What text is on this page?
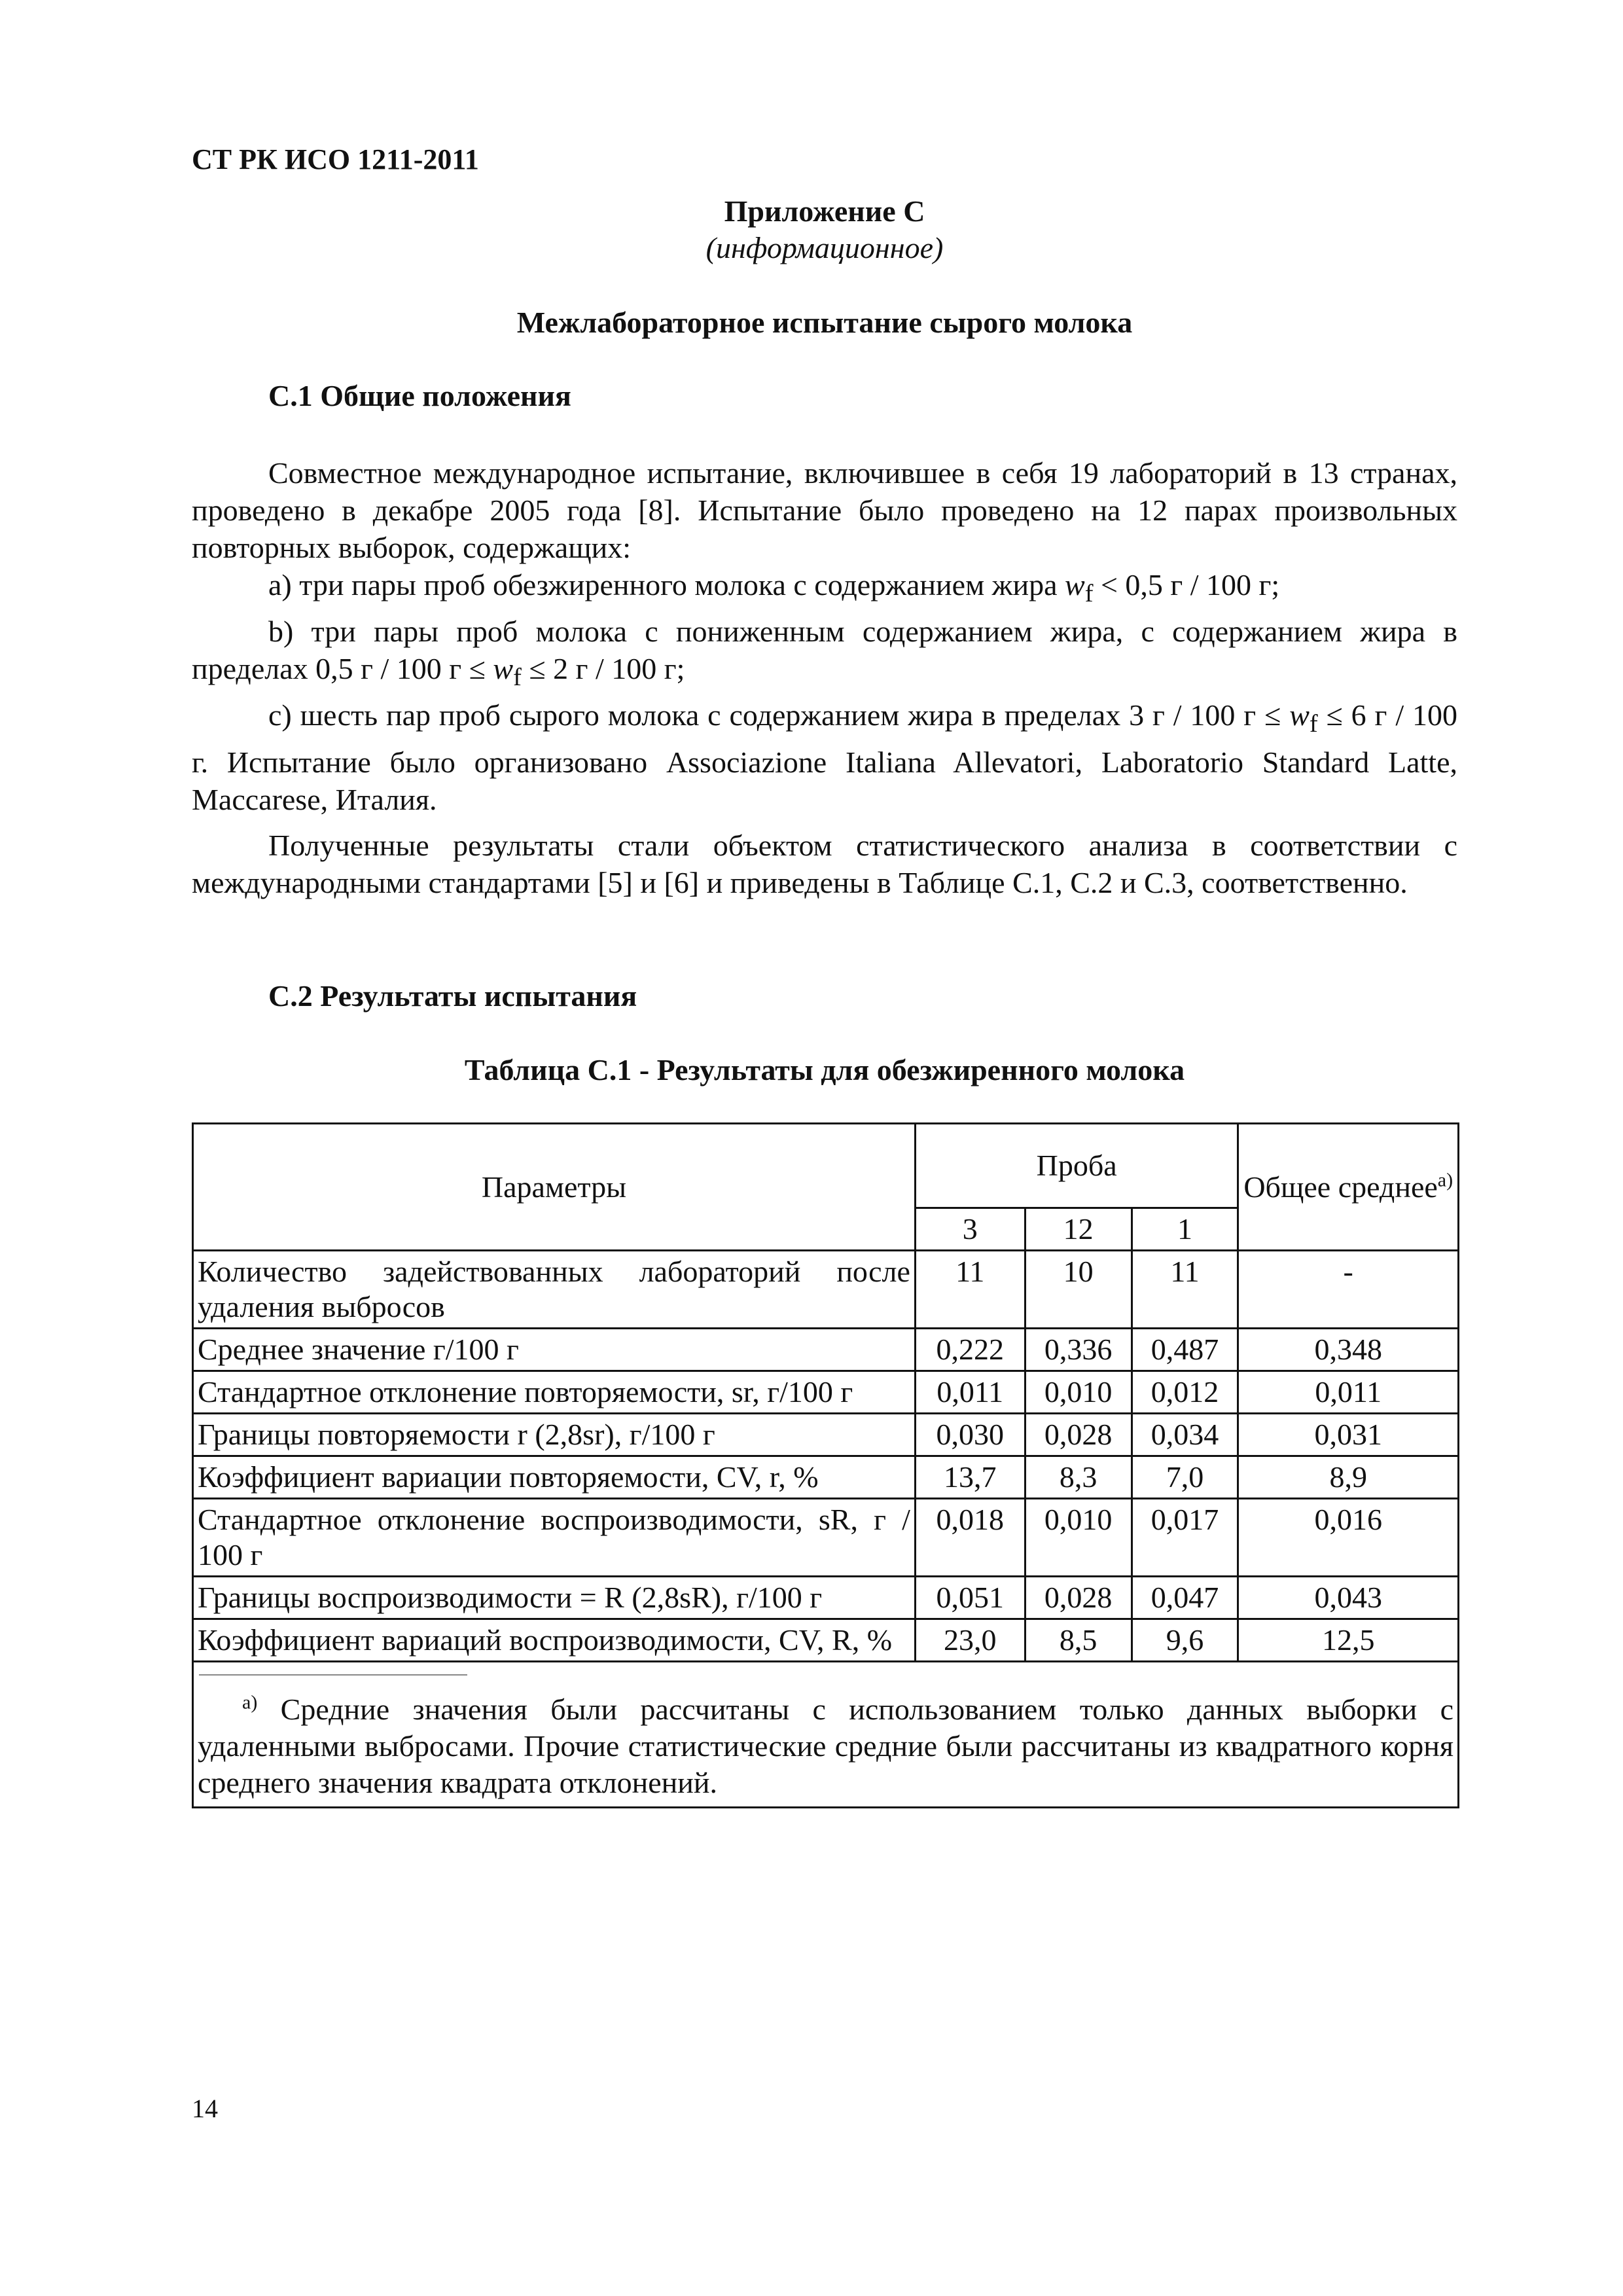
СТ РК ИСО 1211-2011
Приложение С
(информационное)
Межлабораторное испытание сырого молока
С.1 Общие положения

Совместное международное испытание, включившее в себя 19 лабораторий в 13 странах, проведено в декабре 2005 года [8]. Испытание было проведено на 12 парах произвольных повторных выборок, содержащих:

a) три пары проб обезжиренного молока с содержанием жира $w_f < 0,5$ г / 100 г;

b) три пары проб молока с пониженным содержанием жира, с содержанием жира в пределах 0,5 г / 100 $г \le w_f \le 2$ г / 100 г;

c) шесть пар проб сырого молока с содержанием жира в пределах 3 г / 100 $г \le w_f \le 6$ г / 100 г. Испытание было организовано Associazione Italiana Allevatori, Laboratorio Standard Latte, Maccarese, Италия.

Полученные результаты стали объектом статистического анализа в соответствии с международными стандартами [5] и [6] и приведены в Таблице С.1, С.2 и С.3, соответственно.

С.2 Результаты испытания
Таблица С.1 - Результаты для обезжиренного молока
Параметры	Проба			Общее среднее$^{a)}$
	3	12	1	
Количество задействованных лабораторий после удаления выбросов	11	10	11	-
Среднее значение г/100 г	0,222	0,336	0,487	0,348
Стандартное отклонение повторяемости, sr, г/100 г	0,011	0,010	0,012	0,011
Границы повторяемости r (2,8sr), г/100 г	0,030	0,028	0,034	0,031
Коэффициент вариации повторяемости, CV, r, %	13,7	8,3	7,0	8,9
Стандартное отклонение воспроизводимости, sR, г / 100 г	0,018	0,010	0,017	0,016
Границы воспроизводимости = R (2,8sR), г/100 г	0,051	0,028	0,047	0,043
Коэффициент вариаций воспроизводимости, CV, R, %	23,0	8,5	9,6	12,5

$^{a)}$ Средние значения были рассчитаны с использованием только данных выборки с удаленными выбросами. Прочие статистические средние были рассчитаны из квадратного корня среднего значения квадрата отклонений.				

14
